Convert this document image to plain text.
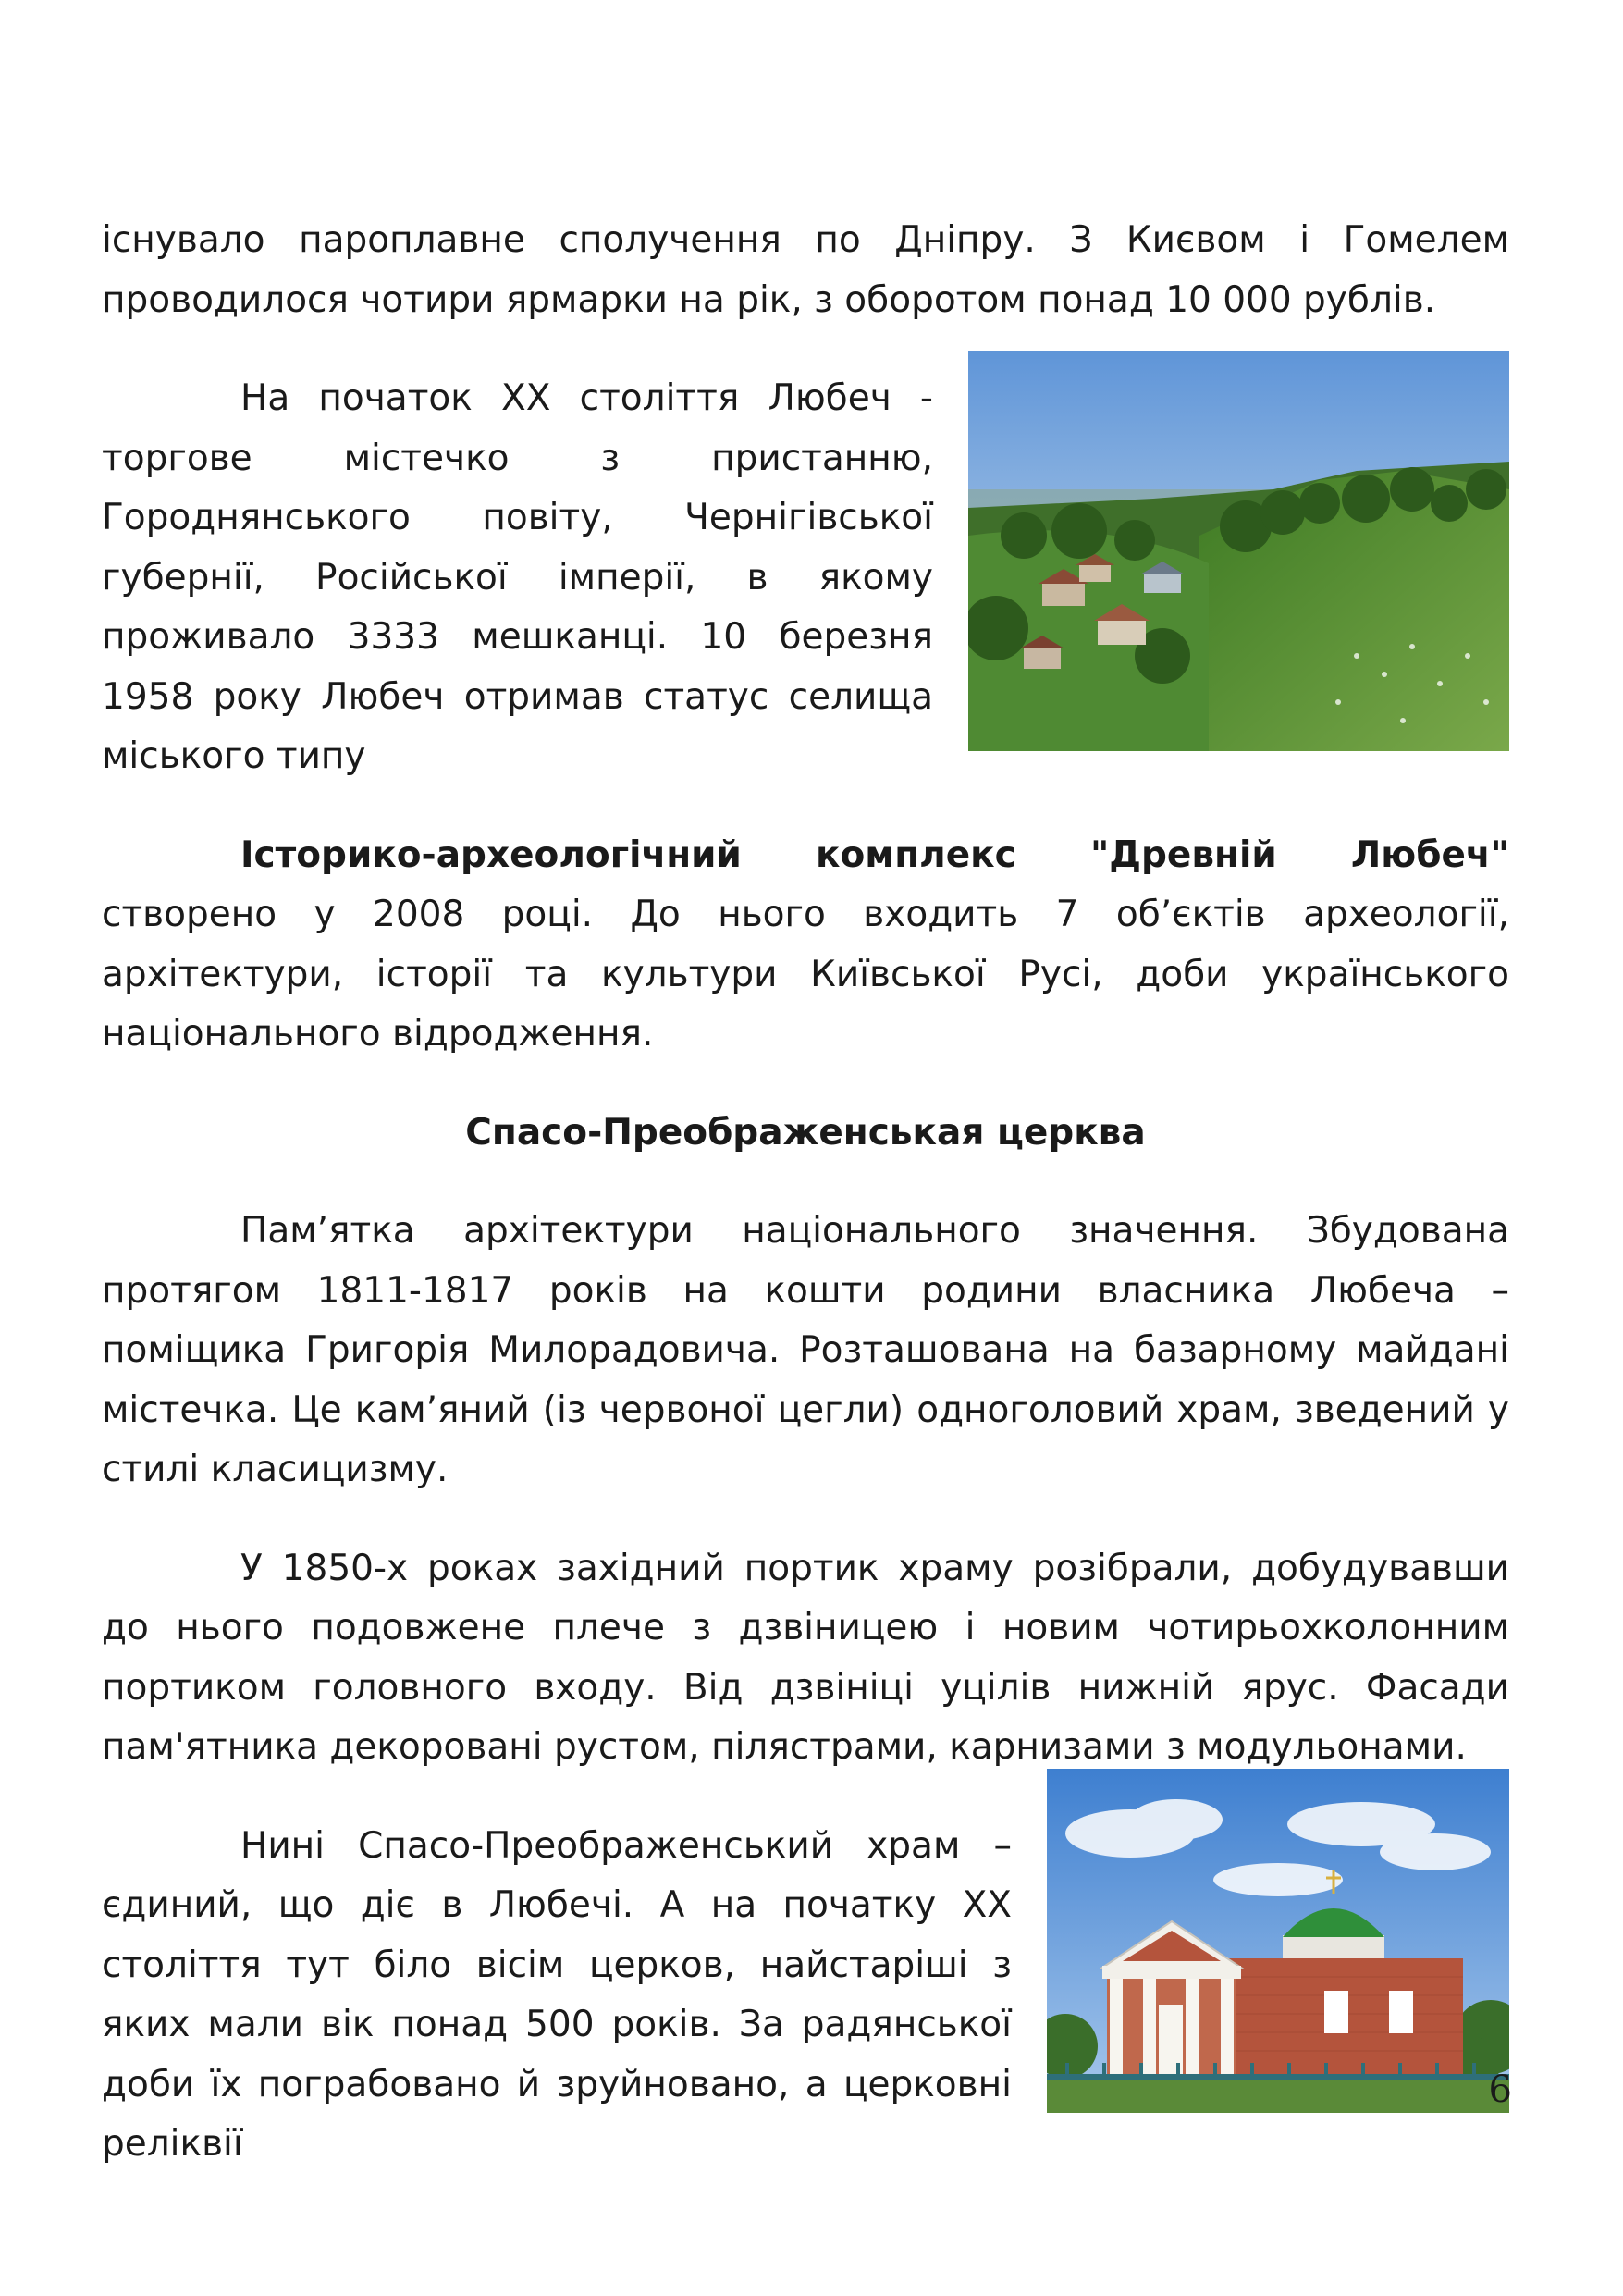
існувало пароплавне сполучення по Дніпру. З Києвом і Гомелем проводилося чотири ярмарки на рік, з оборотом понад 10 000 рублів.

На початок XX століття Любеч - торгове містечко з пристанню, Городнянського повіту, Чернігівської губернії, Російської імперії, в якому проживало 3333 мешканці. 10 березня 1958 року Любеч отримав статус селища міського типу

Історико-археологічний комплекс "Древній Любеч" створено у 2008 році. До нього входить 7 об’єктів археології, архітектури, історії та культури Київської Русі, доби українського національного відродження.

Спасо-Преображенськая церква

Пам’ятка архітектури національного значення. Збудована протягом 1811-1817 років на кошти родини власника Любеча – поміщика Григорія Милорадовича. Розташована на базарному майдані містечка. Це кам’яний (із червоної цегли) одноголовий храм, зведений у стилі класицизму.

У 1850-х роках західний портик храму розібрали, добудувавши до нього подовжене плече з дзвіницею і новим чотирьохколонним портиком головного входу. Від дзвініці уцілів нижній ярус. Фасади пам'ятника декоровані рустом, пілястрами, карнизами з модульонами.

Нині Спасо-Преображенський храм – єдиний, що діє в Любечі. А на початку XX століття тут біло вісім церков, найстаріші з яких мали вік понад 500 років. За радянської доби їх пограбовано й зруйновано, а церковні реліквії

6
